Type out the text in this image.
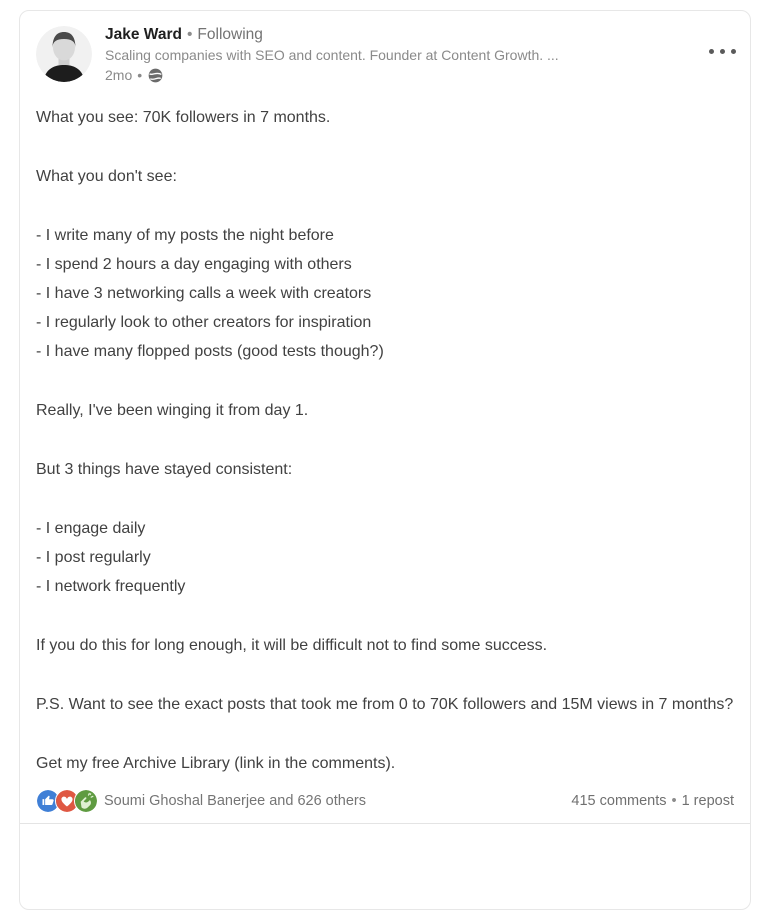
Jake Ward • Following
Scaling companies with SEO and content. Founder at Content Growth. ...
2mo •
What you see: 70K followers in 7 months.
What you don't see:
- I write many of my posts the night before
- I spend 2 hours a day engaging with others
- I have 3 networking calls a week with creators
- I regularly look to other creators for inspiration
- I have many flopped posts (good tests though?)
Really, I've been winging it from day 1.
But 3 things have stayed consistent:
- I engage daily
- I post regularly
- I network frequently
If you do this for long enough, it will be difficult not to find some success.
P.S. Want to see the exact posts that took me from 0 to 70K followers and 15M views in 7 months?
Get my free Archive Library (link in the comments).
Soumi Ghoshal Banerjee and 626 others	415 comments • 1 repost
